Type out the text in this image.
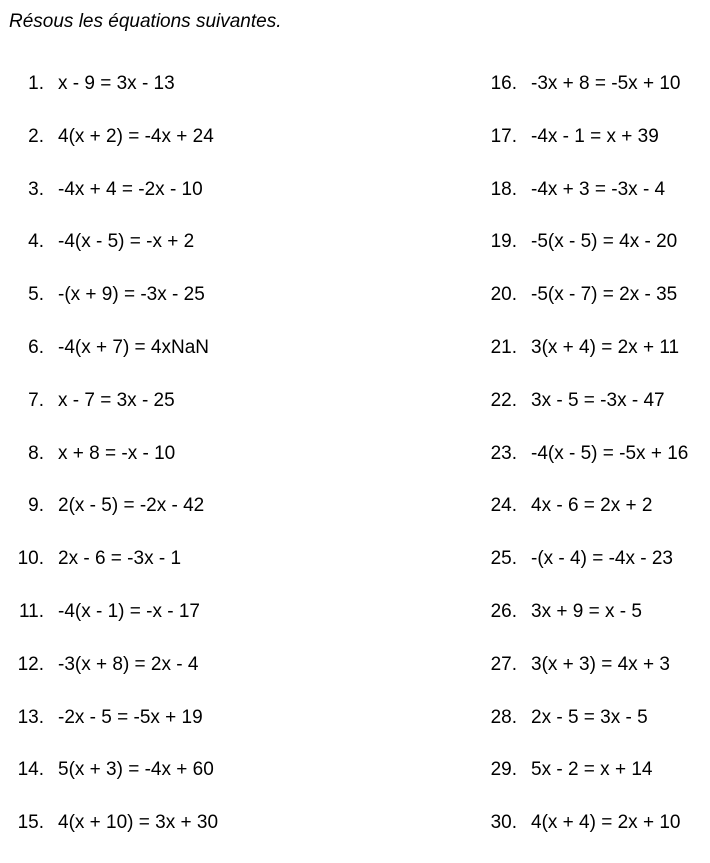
Résous les équations suivantes.
1. x - 9 = 3x - 13
2. 4(x + 2) = -4x + 24
3. -4x + 4 = -2x - 10
4. -4(x - 5) = -x + 2
5. -(x + 9) = -3x - 25
6. -4(x + 7) = 4xNaN
7. x - 7 = 3x - 25
8. x + 8 = -x - 10
9. 2(x - 5) = -2x - 42
10. 2x - 6 = -3x - 1
11. -4(x - 1) = -x - 17
12. -3(x + 8) = 2x - 4
13. -2x - 5 = -5x + 19
14. 5(x + 3) = -4x + 60
15. 4(x + 10) = 3x + 30
16. -3x + 8 = -5x + 10
17. -4x - 1 = x + 39
18. -4x + 3 = -3x - 4
19. -5(x - 5) = 4x - 20
20. -5(x - 7) = 2x - 35
21. 3(x + 4) = 2x + 11
22. 3x - 5 = -3x - 47
23. -4(x - 5) = -5x + 16
24. 4x - 6 = 2x + 2
25. -(x - 4) = -4x - 23
26. 3x + 9 = x - 5
27. 3(x + 3) = 4x + 3
28. 2x - 5 = 3x - 5
29. 5x - 2 = x + 14
30. 4(x + 4) = 2x + 10
